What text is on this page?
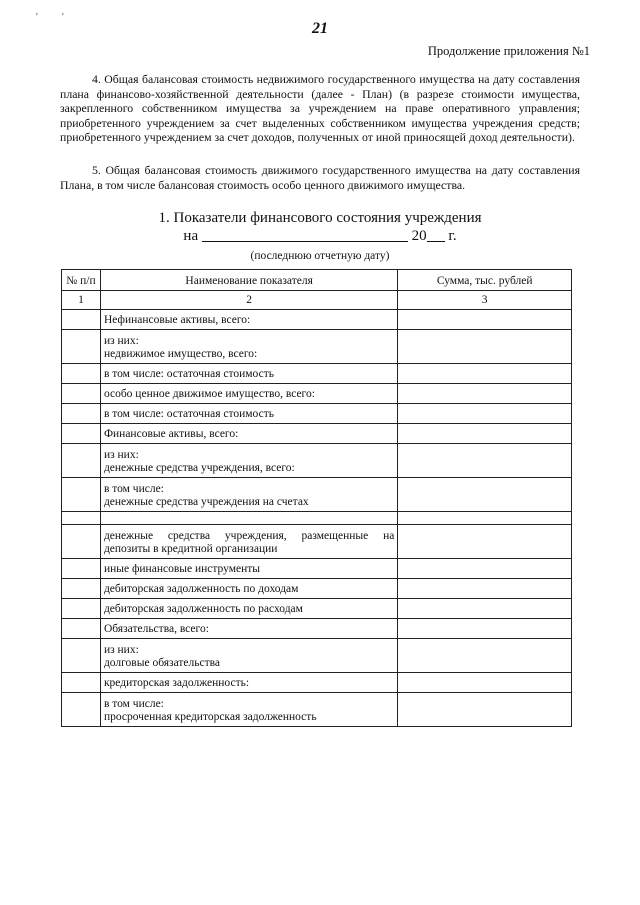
21
Продолжение приложения №1
' '

4. Общая балансовая стоимость недвижимого государственного имущества на дату составления плана финансово-хозяйственной деятельности (далее - План) (в разрезе стоимости имущества, закрепленного собственником имущества за учреждением на праве оперативного управления; приобретенного учреждением за счет выделенных собственником имущества учреждения средств; приобретенного учреждением за счет доходов, полученных от иной приносящей доход деятельности).

5. Общая балансовая стоимость движимого государственного имущества на дату составления Плана, в том числе балансовая стоимость особо ценного движимого имущества.

1. Показатели финансового состояния учреждения
на	20 г.
(последнюю отчетную дату)
№ п/п	Наименование показателя	Сумма, тыс. рублей
1	2	3

	Нефинансовые активы, всего:	

	из них:
недвижимое имущество, всего:	

	в том числе: остаточная стоимость	

	особо ценное движимое имущество, всего:	

	в том числе: остаточная стоимость	

	Финансовые активы, всего:	

	из них:
денежные средства учреждения, всего:	

	в том числе:
денежные средства учреждения на счетах	

	денежные средства учреждения, размещенные на
депозиты в кредитной организации	

	иные финансовые инструменты	

	дебиторская задолженность по доходам	

	дебиторская задолженность по расходам	

	Обязательства, всего:	

	из них:
долговые обязательства	

	кредиторская задолженность:	

	в том числе:
просроченная кредиторская задолженность	
